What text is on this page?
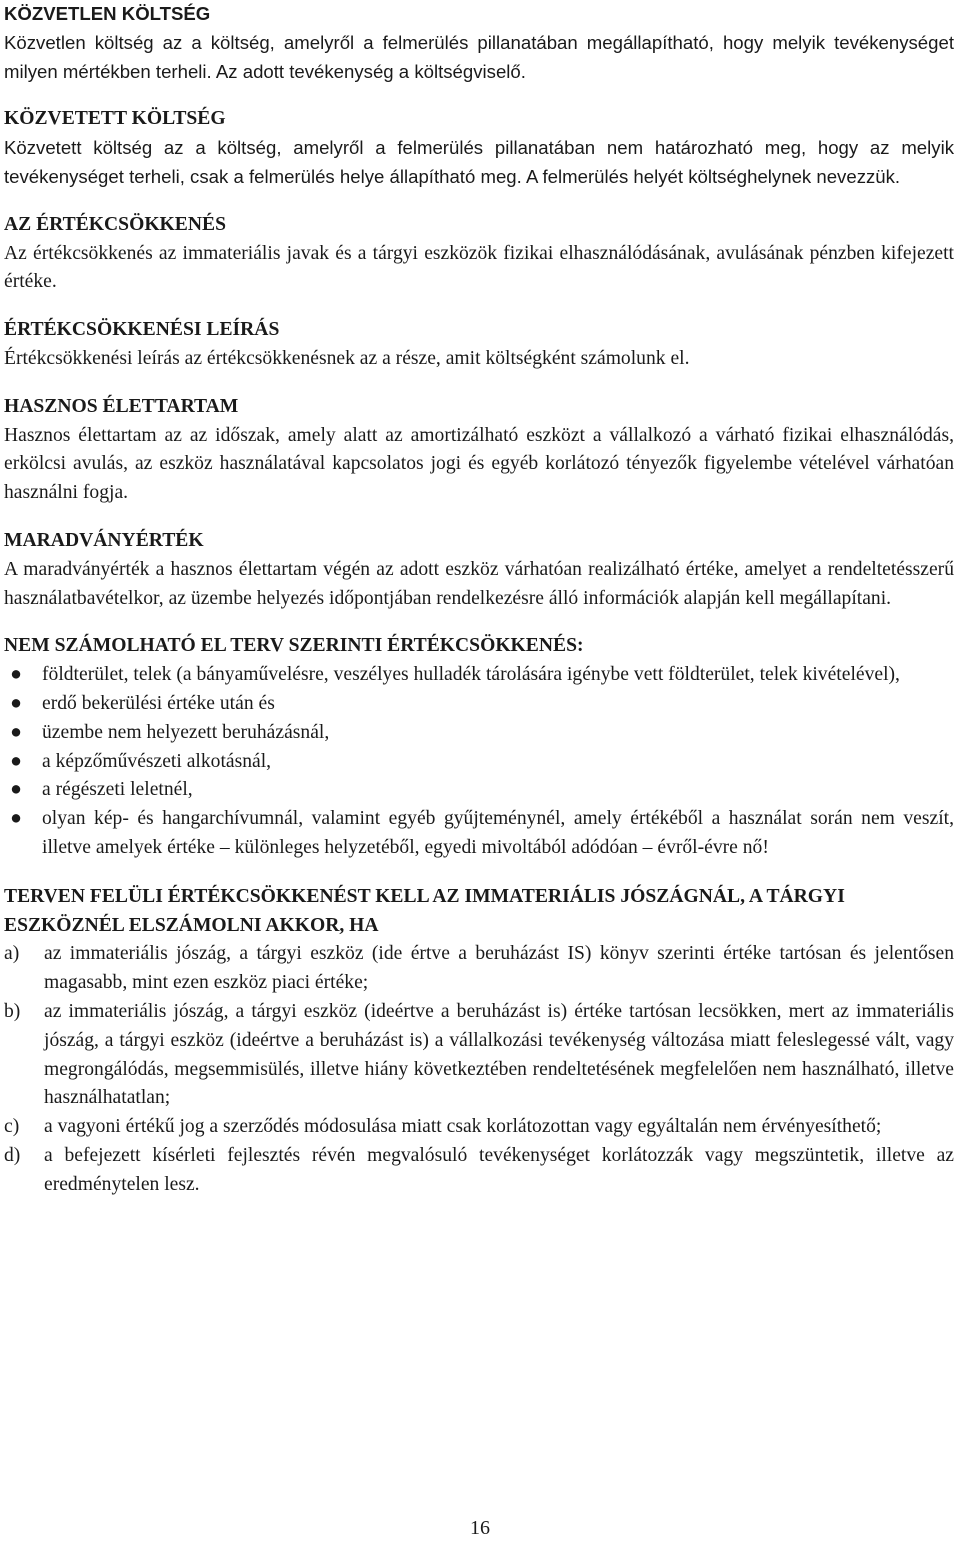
KÖZVETLEN KÖLTSÉG
Közvetlen költség az a költség, amelyről a felmerülés pillanatában megállapítható, hogy melyik tevékenységet milyen mértékben terheli. Az adott tevékenység a költségviselő.
KÖZVETETT KÖLTSÉG
Közvetett költség az a költség, amelyről a felmerülés pillanatában nem határozható meg, hogy az melyik tevékenységet terheli, csak a felmerülés helye állapítható meg. A felmerülés helyét költséghelynek nevezzük.
AZ ÉRTÉKCSÖKKENÉS
Az értékcsökkenés az immateriális javak és a tárgyi eszközök fizikai elhasználódásának, avulásának pénzben kifejezett értéke.
ÉRTÉKCSÖKKENÉSI LEÍRÁS
Értékcsökkenési leírás az értékcsökkenésnek az a része, amit költségként számolunk el.
HASZNOS ÉLETTARTAM
Hasznos élettartam az az időszak, amely alatt az amortizálható eszközt a vállalkozó a várható fizikai elhasználódás, erkölcsi avulás, az eszköz használatával kapcsolatos jogi és egyéb korlátozó tényezők figyelembe vételével várhatóan használni fogja.
MARADVÁNYÉRTÉK
A maradványérték a hasznos élettartam végén az adott eszköz várhatóan realizálható értéke, amelyet a rendeltetésszerű használatbavételkor, az üzembe helyezés időpontjában rendelkezésre álló információk alapján kell megállapítani.
NEM SZÁMOLHATÓ EL TERV SZERINTI ÉRTÉKCSÖKKENÉS:
● földterület, telek (a bányaművelésre, veszélyes hulladék tárolására igénybe vett földterület, telek kivételével),
● erdő bekerülési értéke után és
● üzembe nem helyezett beruházásnál,
● a képzőművészeti alkotásnál,
● a régészeti leletnél,
● olyan kép- és hangarchívumnál, valamint egyéb gyűjteménynél, amely értékéből a használat során nem veszít, illetve amelyek értéke – különleges helyzetéből, egyedi mivoltából adódóan – évről-évre nő!
TERVEN FELÜLI ÉRTÉKCSÖKKENÉST KELL AZ IMMATERIÁLIS JÓSZÁGNÁL, A TÁRGYI ESZKÖZNÉL ELSZÁMOLNI AKKOR, HA
a) az immateriális jószág, a tárgyi eszköz (ide értve a beruházást IS) könyv szerinti értéke tartósan és jelentősen magasabb, mint ezen eszköz piaci értéke;
b) az immateriális jószág, a tárgyi eszköz (ideértve a beruházást is) értéke tartósan lecsökken, mert az immateriális jószág, a tárgyi eszköz (ideértve a beruházást is) a vállalkozási tevékenység változása miatt feleslegessé vált, vagy megrongálódás, megsemmisülés, illetve hiány következtében rendeltetésének megfelelően nem használható, illetve használhatatlan;
c) a vagyoni értékű jog a szerződés módosulása miatt csak korlátozottan vagy egyáltalán nem érvényesíthető;
d) a befejezett kísérleti fejlesztés révén megvalósuló tevékenységet korlátozzák vagy megszüntetik, illetve az eredménytelen lesz.
16
